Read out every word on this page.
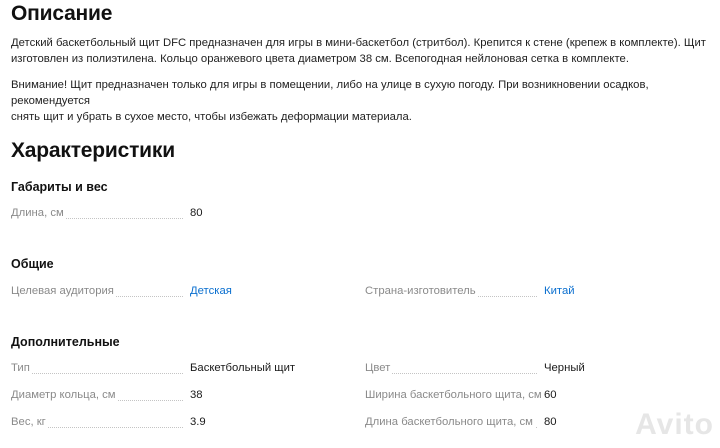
Описание
Детский баскетбольный щит DFC предназначен для игры в мини-баскетбол (стритбол). Крепится к стене (крепеж в комплекте). Щит
изготовлен из полиэтилена. Кольцо оранжевого цвета диаметром 38 см. Всепогодная нейлоновая сетка в комплекте.
Внимание! Щит предназначен только для игры в помещении, либо на улице в сухую погоду. При возникновении осадков, рекомендуется
снять щит и убрать в сухое место, чтобы избежать деформации материала.
Характеристики
Габариты и вес
Длина, см	80
Общие
Целевая аудитория	Детская	Страна-изготовитель	Китай
Дополнительные
Тип	Баскетбольный щит	Цвет	Черный
Диаметр кольца, см	38	Ширина баскетбольного щита, см 60
Вес, кг	3.9	Длина баскетбольного щита, см 80	Avito
